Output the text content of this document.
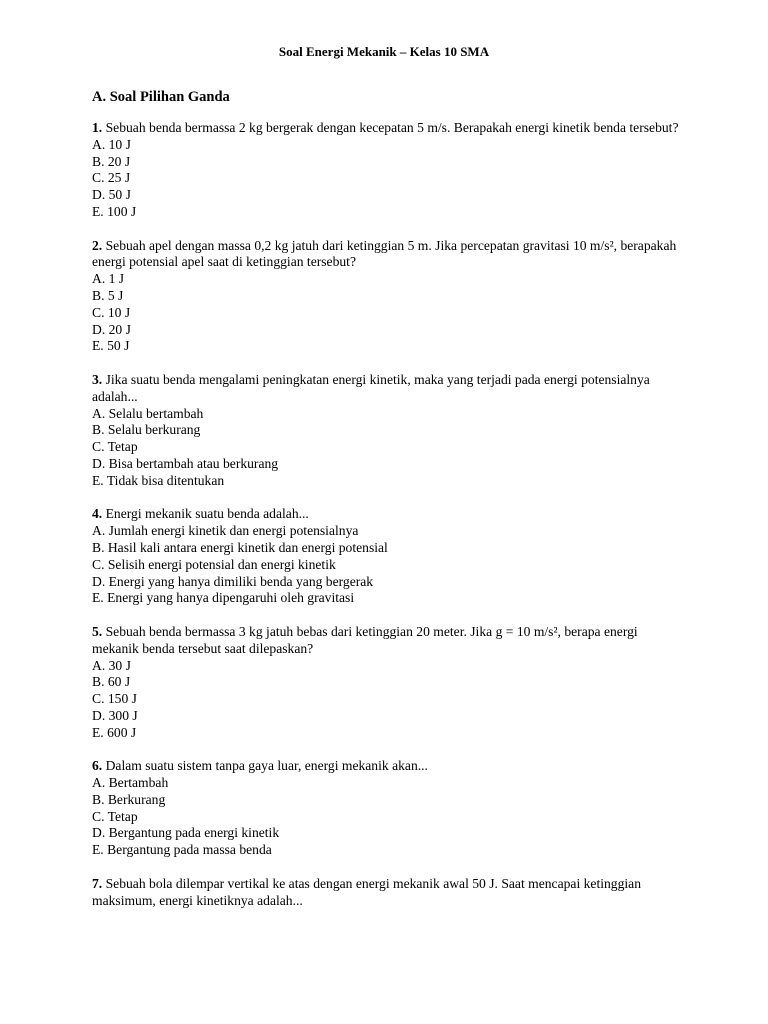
Soal Energi Mekanik – Kelas 10 SMA
A. Soal Pilihan Ganda
1. Sebuah benda bermassa 2 kg bergerak dengan kecepatan 5 m/s. Berapakah energi kinetik benda tersebut?
A. 10 J
B. 20 J
C. 25 J
D. 50 J
E. 100 J
2. Sebuah apel dengan massa 0,2 kg jatuh dari ketinggian 5 m. Jika percepatan gravitasi 10 m/s², berapakah energi potensial apel saat di ketinggian tersebut?
A. 1 J
B. 5 J
C. 10 J
D. 20 J
E. 50 J
3. Jika suatu benda mengalami peningkatan energi kinetik, maka yang terjadi pada energi potensialnya adalah...
A. Selalu bertambah
B. Selalu berkurang
C. Tetap
D. Bisa bertambah atau berkurang
E. Tidak bisa ditentukan
4. Energi mekanik suatu benda adalah...
A. Jumlah energi kinetik dan energi potensialnya
B. Hasil kali antara energi kinetik dan energi potensial
C. Selisih energi potensial dan energi kinetik
D. Energi yang hanya dimiliki benda yang bergerak
E. Energi yang hanya dipengaruhi oleh gravitasi
5. Sebuah benda bermassa 3 kg jatuh bebas dari ketinggian 20 meter. Jika g = 10 m/s², berapa energi mekanik benda tersebut saat dilepaskan?
A. 30 J
B. 60 J
C. 150 J
D. 300 J
E. 600 J
6. Dalam suatu sistem tanpa gaya luar, energi mekanik akan...
A. Bertambah
B. Berkurang
C. Tetap
D. Bergantung pada energi kinetik
E. Bergantung pada massa benda
7. Sebuah bola dilempar vertikal ke atas dengan energi mekanik awal 50 J. Saat mencapai ketinggian maksimum, energi kinetiknya adalah...
